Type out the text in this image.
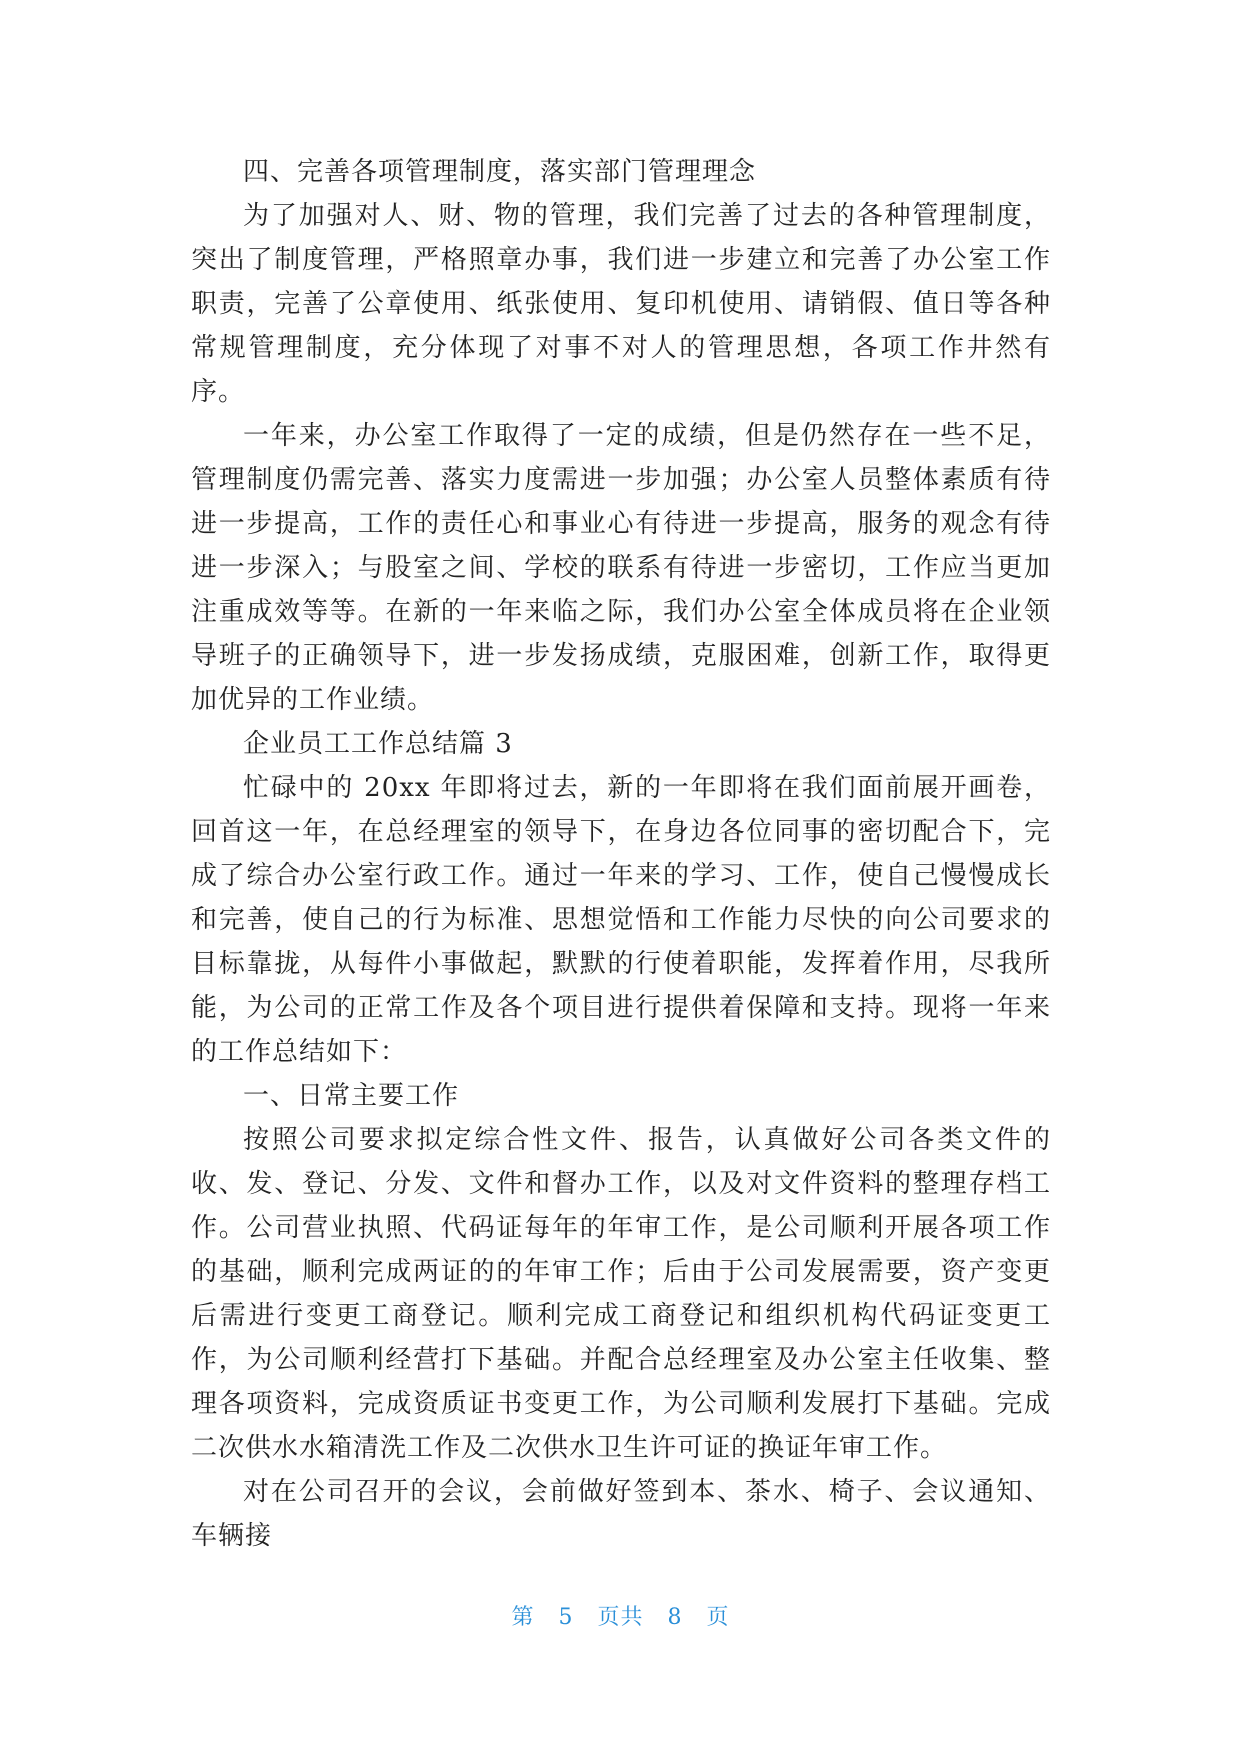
四、完善各项管理制度，落实部门管理理念

为了加强对人、财、物的管理，我们完善了过去的各种管理制度，突出了制度管理，严格照章办事，我们进一步建立和完善了办公室工作职责，完善了公章使用、纸张使用、复印机使用、请销假、值日等各种常规管理制度，充分体现了对事不对人的管理思想，各项工作井然有序。

一年来，办公室工作取得了一定的成绩，但是仍然存在一些不足，管理制度仍需完善、落实力度需进一步加强；办公室人员整体素质有待进一步提高，工作的责任心和事业心有待进一步提高，服务的观念有待进一步深入；与股室之间、学校的联系有待进一步密切，工作应当更加注重成效等等。在新的一年来临之际，我们办公室全体成员将在企业领导班子的正确领导下，进一步发扬成绩，克服困难，创新工作，取得更加优异的工作业绩。

企业员工工作总结篇 3

忙碌中的 20xx 年即将过去，新的一年即将在我们面前展开画卷，回首这一年，在总经理室的领导下，在身边各位同事的密切配合下，完成了综合办公室行政工作。通过一年来的学习、工作，使自己慢慢成长和完善，使自己的行为标准、思想觉悟和工作能力尽快的向公司要求的目标靠拢，从每件小事做起，默默的行使着职能，发挥着作用，尽我所能，为公司的正常工作及各个项目进行提供着保障和支持。现将一年来的工作总结如下：

一、日常主要工作

按照公司要求拟定综合性文件、报告，认真做好公司各类文件的收、发、登记、分发、文件和督办工作，以及对文件资料的整理存档工作。公司营业执照、代码证每年的年审工作，是公司顺利开展各项工作的基础，顺利完成两证的的年审工作；后由于公司发展需要，资产变更后需进行变更工商登记。顺利完成工商登记和组织机构代码证变更工作，为公司顺利经营打下基础。并配合总经理室及办公室主任收集、整理各项资料，完成资质证书变更工作，为公司顺利发展打下基础。完成二次供水水箱清洗工作及二次供水卫生许可证的换证年审工作。

对在公司召开的会议，会前做好签到本、茶水、椅子、会议通知、车辆接

第 5 页共 8 页
